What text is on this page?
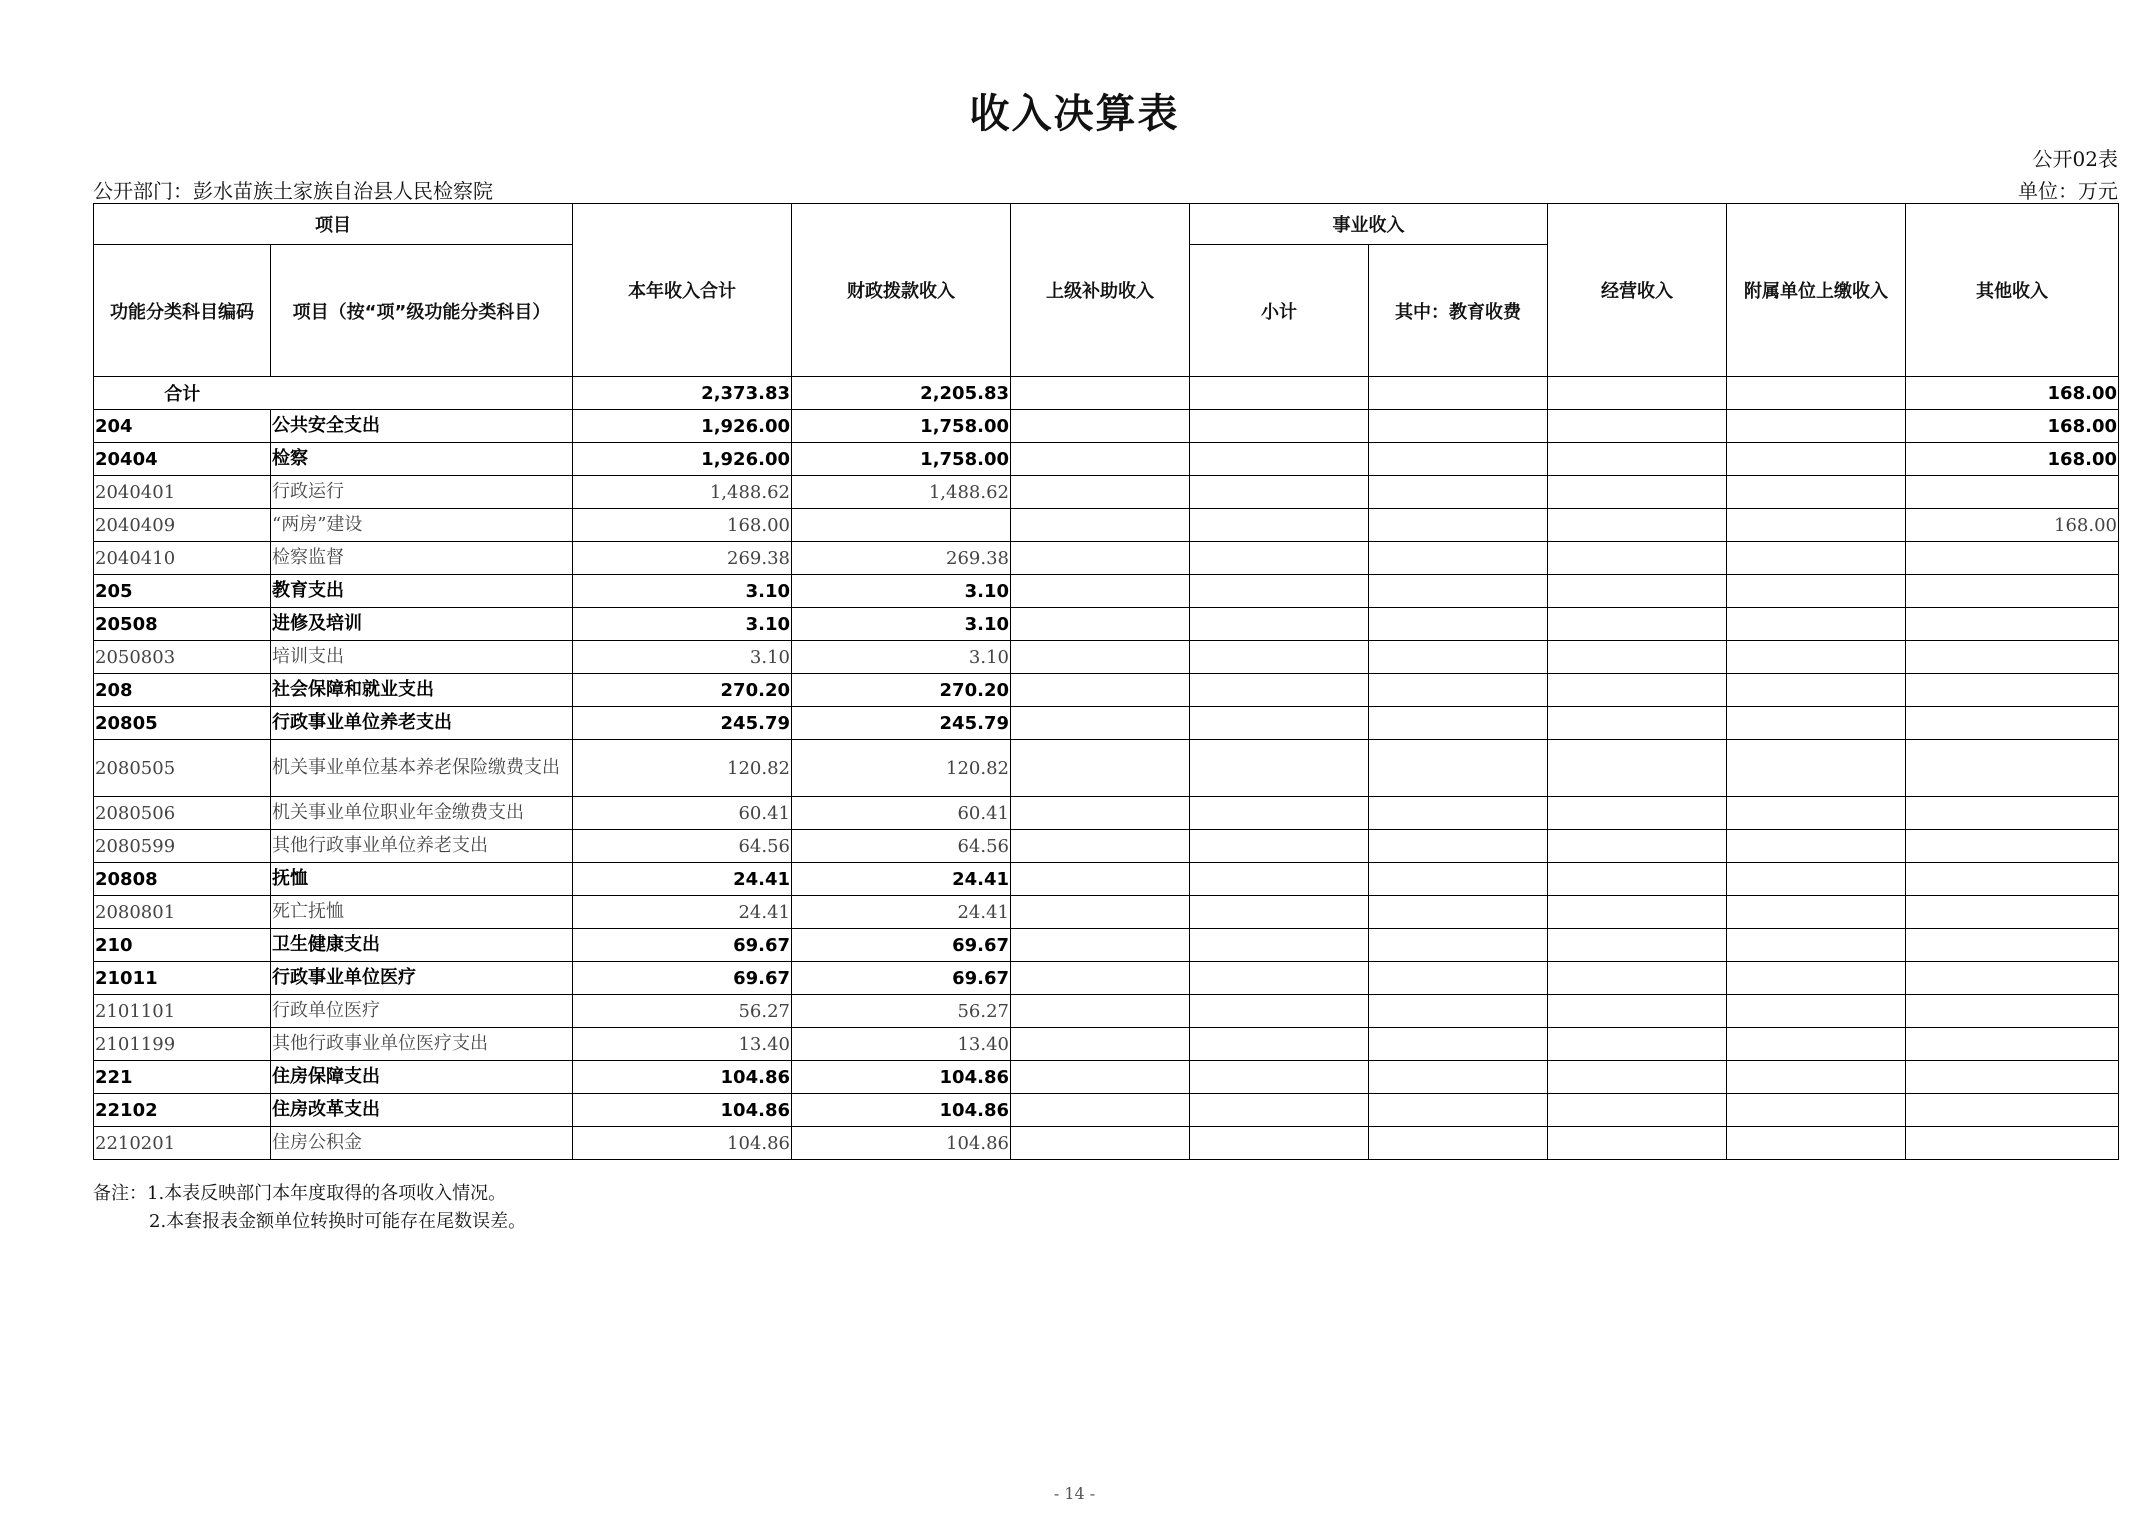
收入决算表
公开02表
公开部门：彭水苗族土家族自治县人民检察院	单位：万元
项目		本年收入合计	财政拨款收入	上级补助收入	事业收入		经营收入	附属单位上缴收入	其他收入
功能分类科目编码	项目（按“项”级功能分类科目）				小计	其中：教育收费			
合计		2,373.83	2,205.83						168.00
204	公共安全支出	1,926.00	1,758.00						168.00
20404	检察	1,926.00	1,758.00						168.00
2040401	行政运行	1,488.62	1,488.62						
2040409	“两房”建设	168.00							168.00
2040410	检察监督	269.38	269.38						
205	教育支出	3.10	3.10						
20508	进修及培训	3.10	3.10						
2050803	培训支出	3.10	3.10						
208	社会保障和就业支出	270.20	270.20						
20805	行政事业单位养老支出	245.79	245.79						
2080505	机关事业单位基本养老保险缴费支出	120.82	120.82						
2080506	机关事业单位职业年金缴费支出	60.41	60.41						
2080599	其他行政事业单位养老支出	64.56	64.56						
20808	抚恤	24.41	24.41						
2080801	死亡抚恤	24.41	24.41						
210	卫生健康支出	69.67	69.67						
21011	行政事业单位医疗	69.67	69.67						
2101101	行政单位医疗	56.27	56.27						
2101199	其他行政事业单位医疗支出	13.40	13.40						
221	住房保障支出	104.86	104.86						
22102	住房改革支出	104.86	104.86						
2210201	住房公积金	104.86	104.86						
备注：1.本表反映部门本年度取得的各项收入情况。
2.本套报表金额单位转换时可能存在尾数误差。
- 14 -
